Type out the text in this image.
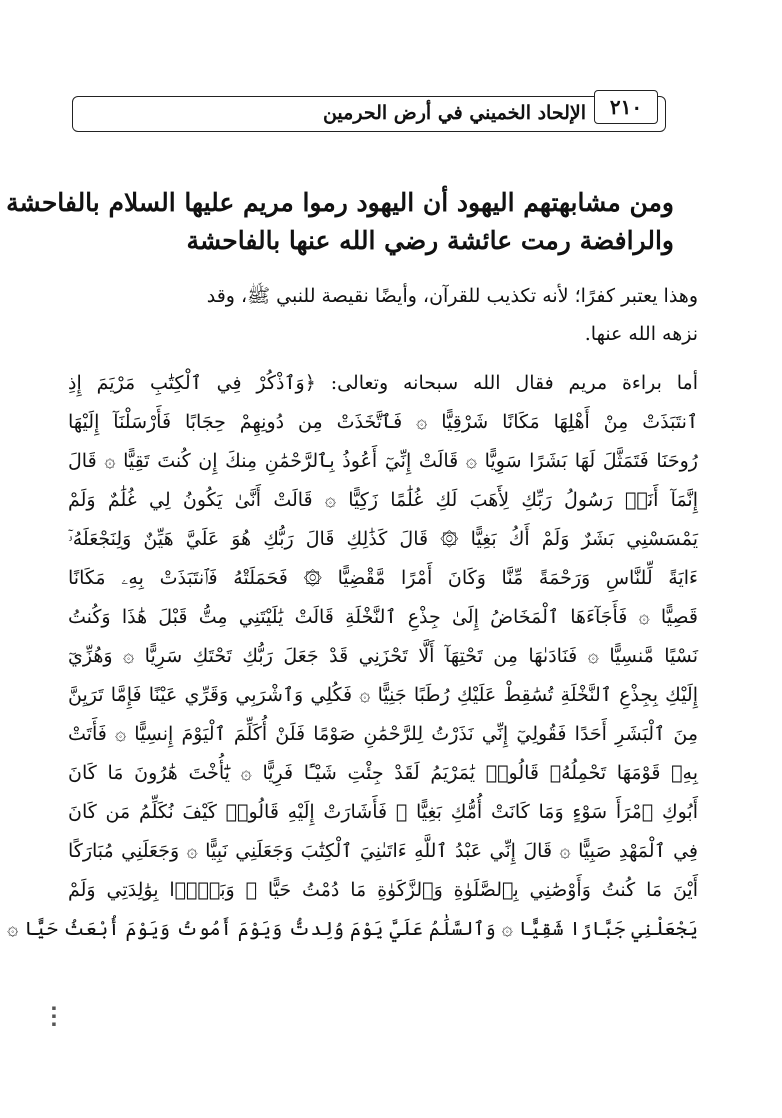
٢١٠
الإلحاد الخميني في أرض الحرمين
ومن مشابهتهم اليهود أن اليهود رموا مريم عليها السلام بالفاحشة
والرافضة رمت عائشة رضي الله عنها بالفاحشة
وهذا يعتبر كفرًا؛ لأنه تكذيب للقرآن، وأيضًا نقيصة للنبي ﷺ، وقد
نزهه الله عنها.
أما براءة مريم فقال الله سبحانه وتعالى: ﴿وَٱذْكُرْ فِي ٱلْكِتَٰبِ مَرْيَمَ إِذِ
ٱنتَبَذَتْ مِنْ أَهْلِهَا مَكَانًا شَرْقِيًّا ۞ فَٱتَّخَذَتْ مِن دُونِهِمْ حِجَابًا فَأَرْسَلْنَآ إِلَيْهَا
رُوحَنَا فَتَمَثَّلَ لَهَا بَشَرًا سَوِيًّا ۞ قَالَتْ إِنِّيٓ أَعُوذُ بِٱلرَّحْمَٰنِ مِنكَ إِن كُنتَ تَقِيًّا ۞ قَالَ
إِنَّمَآ أَنَا۠ رَسُولُ رَبِّكِ لِأَهَبَ لَكِ غُلَٰمًا زَكِيًّا ۞ قَالَتْ أَنَّىٰ يَكُونُ لِي غُلَٰمٌ وَلَمْ
يَمْسَسْنِي بَشَرٌ وَلَمْ أَكُ بَغِيًّا ۞ قَالَ كَذَٰلِكِ قَالَ رَبُّكِ هُوَ عَلَيَّ هَيِّنٌ وَلِنَجْعَلَهُۥٓ
ءَايَةً لِّلنَّاسِ وَرَحْمَةً مِّنَّا وَكَانَ أَمْرًا مَّقْضِيًّا ۞ فَحَمَلَتْهُ فَٱنتَبَذَتْ بِهِۦ مَكَانًا
قَصِيًّا ۞ فَأَجَآءَهَا ٱلْمَخَاضُ إِلَىٰ جِذْعِ ٱلنَّخْلَةِ قَالَتْ يَٰلَيْتَنِي مِتُّ قَبْلَ هَٰذَا وَكُنتُ
نَسْيًا مَّنسِيًّا ۞ فَنَادَىٰهَا مِن تَحْتِهَآ أَلَّا تَحْزَنِي قَدْ جَعَلَ رَبُّكِ تَحْتَكِ سَرِيًّا ۞ وَهُزِّيٓ
إِلَيْكِ بِجِذْعِ ٱلنَّخْلَةِ تُسَٰقِطْ عَلَيْكِ رُطَبًا جَنِيًّا ۞ فَكُلِي وَٱشْرَبِي وَقَرِّي عَيْنًا فَإِمَّا تَرَيِنَّ
مِنَ ٱلْبَشَرِ أَحَدًا فَقُولِيٓ إِنِّي نَذَرْتُ لِلرَّحْمَٰنِ صَوْمًا فَلَنْ أُكَلِّمَ ٱلْيَوْمَ إِنسِيًّا ۞ فَأَتَتْ
بِهِۦ قَوْمَهَا تَحْمِلُهُۥ قَالُوا۟ يَٰمَرْيَمُ لَقَدْ جِئْتِ شَيْـًٔا فَرِيًّا ۞ يَٰٓأُخْتَ هَٰرُونَ مَا كَانَ
أَبُوكِ ٱمْرَأَ سَوْءٍ وَمَا كَانَتْ أُمُّكِ بَغِيًّا ۞ فَأَشَارَتْ إِلَيْهِ قَالُوا۟ كَيْفَ نُكَلِّمُ مَن كَانَ
فِي ٱلْمَهْدِ صَبِيًّا ۞ قَالَ إِنِّي عَبْدُ ٱللَّهِ ءَاتَىٰنِيَ ٱلْكِتَٰبَ وَجَعَلَنِي نَبِيًّا ۞ وَجَعَلَنِي مُبَارَكًا
أَيْنَ مَا كُنتُ وَأَوْصَٰنِي بِٱلصَّلَوٰةِ وَٱلزَّكَوٰةِ مَا دُمْتُ حَيًّا ۞ وَبَرًّۢا بِوَٰلِدَتِي وَلَمْ
يَجْعَلْنِي جَبَّارًا شَقِيًّا ۞ وَٱلسَّلَٰمُ عَلَيَّ يَوْمَ وُلِدتُّ وَيَوْمَ أَمُوتُ وَيَوْمَ أُبْعَثُ حَيًّا ۞
▪▪▪
